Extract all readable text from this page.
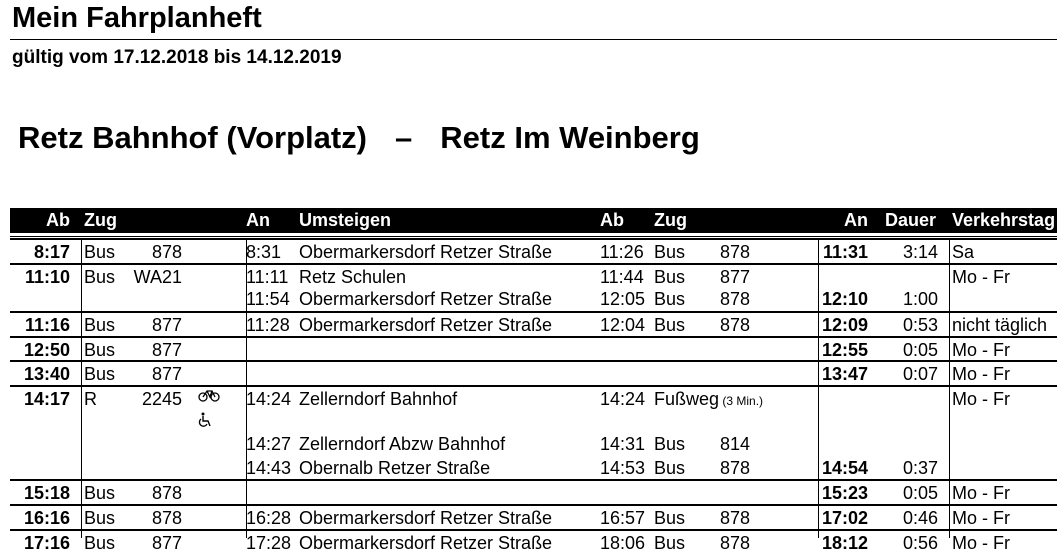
Mein Fahrplanheft
gültig vom 17.12.2018 bis 14.12.2019
Retz Bahnhof (Vorplatz) – Retz Im Weinberg
Ab Zug	An Umsteigen	Ab Zug	An Dauer Verkehrstag
8:17 Bus	878	8:31 Obermarkersdorf Retzer Straße	11:26 Bus	878	11:31	3:14 Sa
11:10 Bus	WA21	11:11 Retz Schulen	11:44 Bus	877	Mo - Fr
11:54 Obermarkersdorf Retzer Straße	12:05 Bus	878	12:10	1:00
11:16 Bus	877	11:28 Obermarkersdorf Retzer Straße	12:04 Bus	878	12:09	0:53 nicht täglich
12:50 Bus	877	12:55	0:05 Mo - Fr
13:40 Bus	877	13:47	0:07 Mo - Fr
14:17 R	2245	14:24 Zellerndorf Bahnhof	14:24 Fußweg (3 Min.)	Mo - Fr
14:27 Zellerndorf Abzw Bahnhof	14:31 Bus	814
14:43 Obernalb Retzer Straße	14:53 Bus	878	14:54	0:37
15:18 Bus	878	15:23	0:05 Mo - Fr
16:16 Bus	878	16:28 Obermarkersdorf Retzer Straße	16:57 Bus	878	17:02	0:46 Mo - Fr
17:16 Bus	877	17:28 Obermarkersdorf Retzer Straße	18:06 Bus	878	18:12	0:56 Mo - Fr
